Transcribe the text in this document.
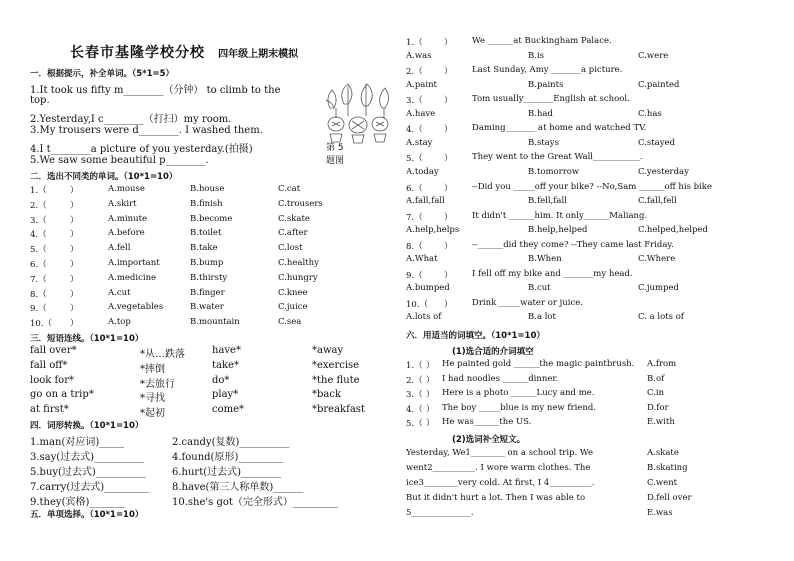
长春市基隆学校分校 四年级上期末模拟
一．根据提示，补全单词。（5*1=5）
1.It took us fifty m________（分钟） to climb to the
top.
2.Yesterday,I c________（打扫）my room.
3.My trousers were d________. I washed them.
4.I t________a picture of you yesterday.(拍摄)
5.We saw some beautiful p________.
第 5 题图
二．选出不同类的单词。（10*1=10）
1.（	）	A.mouse	B.house	C.cat
2.（	）	A.skirt	B.finish	C.trousers
3.（	）	A.minute	B.become	C.skate
4.（	）	A.before	B.toilet	C.after
5.（	）	A.fell	B.take	C.lost
6.（	）	A.important	B.bump	C.healthy
7.（	）	A.medicine	B.thirsty	C.hungry
8.（	）	A.cut	B.finger	C.knee
9.（	）	A.vegetables	B.water	C.juice
10.（ ）	A.top	B.mountain	C.sea
三．短语连线。（10*1=10）
fall over*	*从…跌落	have*	*away
fall off*	*摔倒	take*	*exercise
look for*	*去旅行	do*	*the flute
go on a trip*	*寻找	play*	*back
at first*	*起初	come*	*breakfast
四．词形转换。（10*1=10）
1.man(对应词)_____	2.candy(复数)__________
3.say(过去式)__________	4.found(原形)_________
5.buy(过去式)__________	6.hurt(过去式)________
7.carry(过去式)_________ 8.have(第三人称单数)______
9.they(宾格)_______	10.she's got（完全形式）_________
五．单项选择。（10*1=10）
1.（	） We ______at Buckingham Palace.
A.was	B.is	C.were
2.（	） Last Sunday, Amy _______a picture.
A.paint	B.paints	C.painted
3.（	） Tom usually_______English at school.
A.have	B.had	C.has
4.（	） Daming_______ at home and watched TV.
A.stay	B.stays	C.stayed
5.（	） They went to the Great Wall___________.
A.today	B.tomorrow	C.yesterday
6.（	） --Did you _____off your bike? --No,Sam ______off his bike
A.fall,fall	B.fell,fall	C.fall,fell
7.（	） It didn't ______him. It only______Maliang.
A.help,helps	B.help,helped	C.helped,helped
8.（	） --______did they come? --They came last Friday.
A.What	B.When	C.Where
9.（	） I fell off my bike and _______my head.
A.bumped	B.cut	C.jumped
10.（ ） Drink _____water or juice.
A.lots of	B.a lot	C. a lots of
六．用适当的词填空。（10*1=10）
(1)选合适的介词填空
1.（ ） He painted gold ______the magic paintbrush. A.from
2.（ ） I had noodles ______dinner.	B.of
3.（ ） Here is a photo ______Lucy and me.	C.in
4.（ ） The boy _____blue is my new friend.	D.for
5.（ ） He was______the US.	E.with
(2)选词补全短文。
Yesterday, We1________ on a school trip. We
went2__________. I wore warm clothes. The
ice3________very cold. At first, I 4__________.
But it didn't hurt a lot. Then I was able to
5______________.
A.skate
B.skating
C.went
D.fell over
E.was
